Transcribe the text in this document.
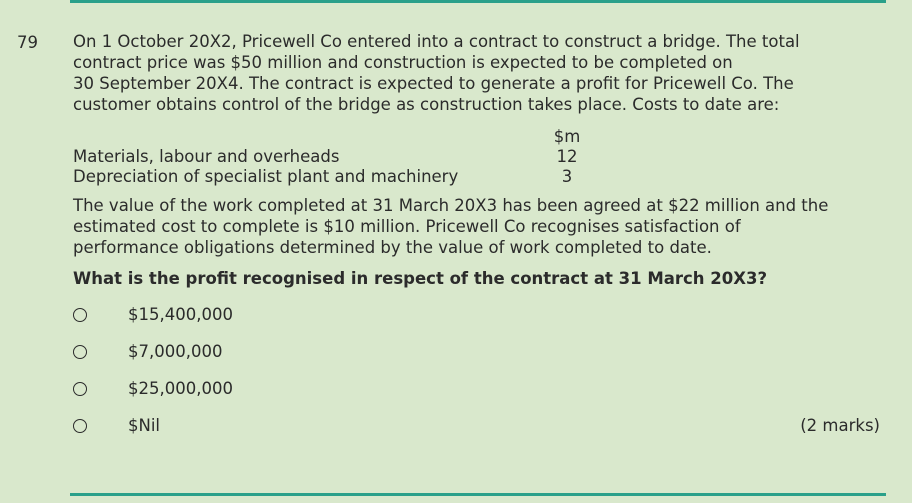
79 On 1 October 20X2, Pricewell Co entered into a contract to construct a bridge. The total
contract price was $50 million and construction is expected to be completed on
30 September 20X4. The contract is expected to generate a profit for Pricewell Co. The
customer obtains control of the bridge as construction takes place. Costs to date are:
$m
Materials, labour and overheads	12
Depreciation of specialist plant and machinery	3
The value of the work completed at 31 March 20X3 has been agreed at $22 million and the
estimated cost to complete is $10 million. Pricewell Co recognises satisfaction of
performance obligations determined by the value of work completed to date.
What is the profit recognised in respect of the contract at 31 March 20X3?
$15,400,000
$7,000,000
$25,000,000
$Nil	(2 marks)
